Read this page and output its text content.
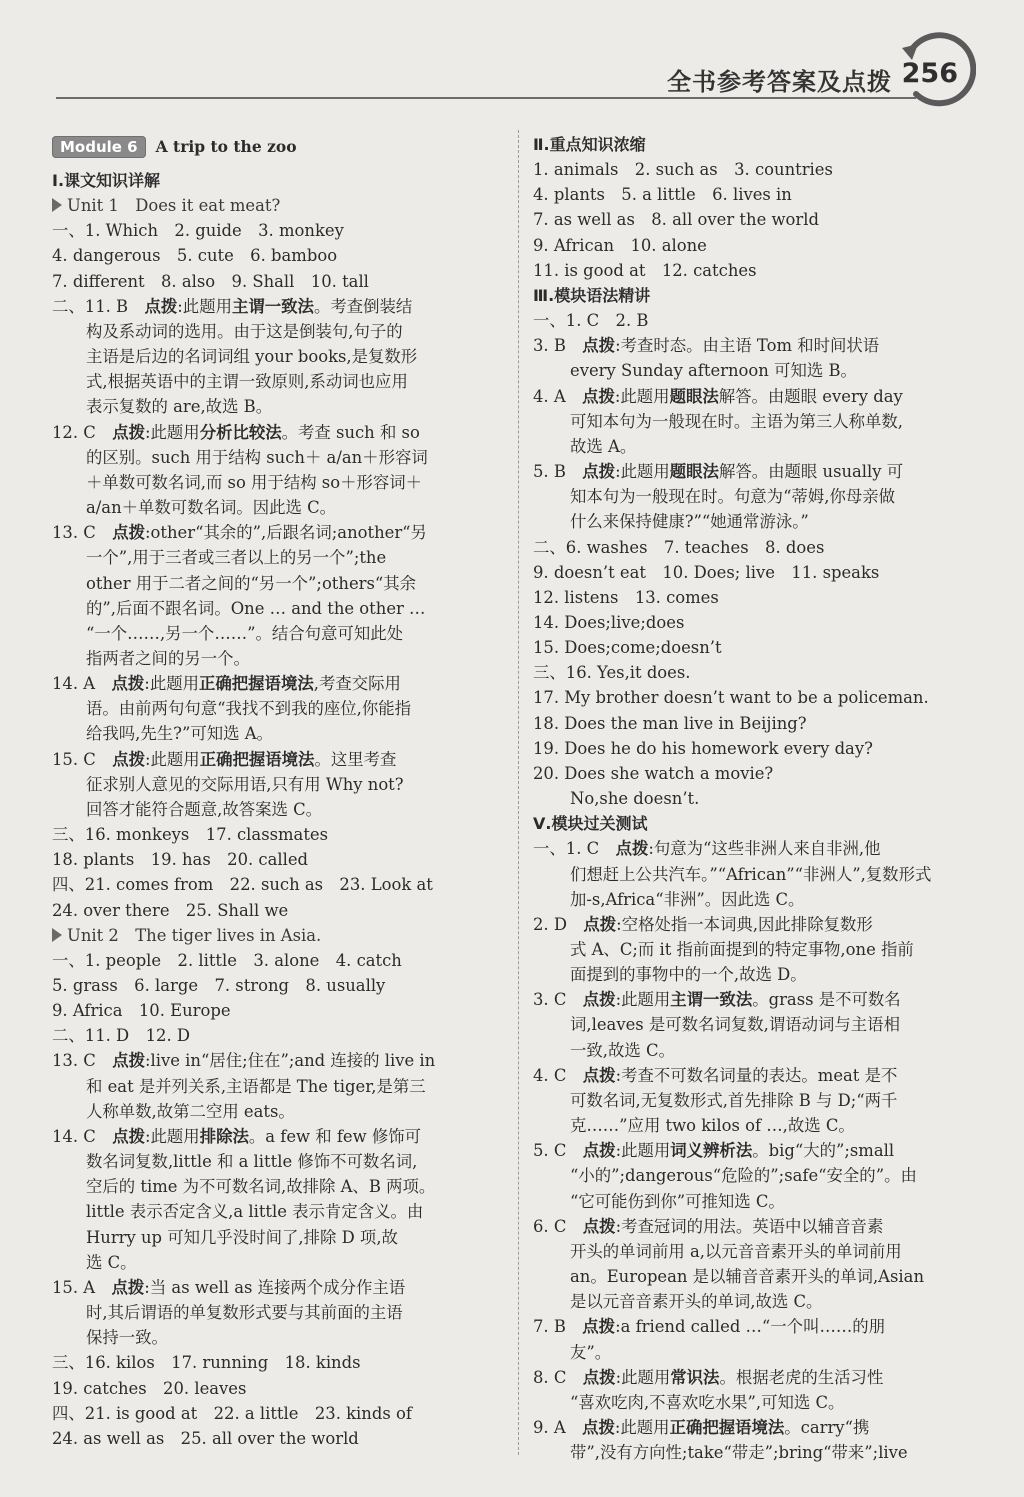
全书参考答案及点拨 256
Module 6 A trip to the zoo
Ⅰ.课文知识详解
Unit 1　Does it eat meat?
一、1. Which　2. guide　3. monkey
4. dangerous　5. cute　6. bamboo
7. different　8. also　9. Shall　10. tall
二、11. B　点拨:此题用主谓一致法。考查倒装结
构及系动词的选用。由于这是倒装句,句子的
主语是后边的名词词组 your books,是复数形
式,根据英语中的主谓一致原则,系动词也应用
表示复数的 are,故选 B。
12. C　点拨:此题用分析比较法。考查 such 和 so
的区别。such 用于结构 such＋ a/an＋形容词
＋单数可数名词,而 so 用于结构 so＋形容词＋
a/an＋单数可数名词。因此选 C。
13. C　点拨:other“其余的”,后跟名词;another“另
一个”,用于三者或三者以上的另一个”;the
other 用于二者之间的“另一个”;others“其余
的”,后面不跟名词。One … and the other …
“一个……,另一个……”。结合句意可知此处
指两者之间的另一个。
14. A　点拨:此题用正确把握语境法,考查交际用
语。由前两句句意“我找不到我的座位,你能指
给我吗,先生?”可知选 A。
15. C　点拨:此题用正确把握语境法。这里考查
征求别人意见的交际用语,只有用 Why not?
回答才能符合题意,故答案选 C。
三、16. monkeys　17. classmates
18. plants　19. has　20. called
四、21. comes from　22. such as　23. Look at
24. over there　25. Shall we
Unit 2　The tiger lives in Asia.
一、1. people　2. little　3. alone　4. catch
5. grass　6. large　7. strong　8. usually
9. Africa　10. Europe
二、11. D　12. D
13. C　点拨:live in“居住;住在”;and 连接的 live in
和 eat 是并列关系,主语都是 The tiger,是第三
人称单数,故第二空用 eats。
14. C　点拨:此题用排除法。a few 和 few 修饰可
数名词复数,little 和 a little 修饰不可数名词,
空后的 time 为不可数名词,故排除 A、B 两项。
little 表示否定含义,a little 表示肯定含义。由
Hurry up 可知几乎没时间了,排除 D 项,故
选 C。
15. A　点拨:当 as well as 连接两个成分作主语
时,其后谓语的单复数形式要与其前面的主语
保持一致。
三、16. kilos　17. running　18. kinds
19. catches　20. leaves
四、21. is good at　22. a little　23. kinds of
24. as well as　25. all over the world
Ⅱ.重点知识浓缩
1. animals　2. such as　3. countries
4. plants　5. a little　6. lives in
7. as well as　8. all over the world
9. African　10. alone
11. is good at　12. catches
Ⅲ.模块语法精讲
一、1. C　2. B
3. B　点拨:考查时态。由主语 Tom 和时间状语
every Sunday afternoon 可知选 B。
4. A　点拨:此题用题眼法解答。由题眼 every day
可知本句为一般现在时。主语为第三人称单数,
故选 A。
5. B　点拨:此题用题眼法解答。由题眼 usually 可
知本句为一般现在时。句意为“蒂姆,你母亲做
什么来保持健康?”“她通常游泳。”
二、6. washes　7. teaches　8. does
9. doesn’t eat　10. Does; live　11. speaks
12. listens　13. comes
14. Does;live;does
15. Does;come;doesn’t
三、16. Yes,it does.
17. My brother doesn’t want to be a policeman.
18. Does the man live in Beijing?
19. Does he do his homework every day?
20. Does she watch a movie?
No,she doesn’t.
Ⅴ.模块过关测试
一、1. C　点拨:句意为“这些非洲人来自非洲,他
们想赶上公共汽车。”“African”“非洲人”,复数形式
加-s,Africa“非洲”。因此选 C。
2. D　点拨:空格处指一本词典,因此排除复数形
式 A、C;而 it 指前面提到的特定事物,one 指前
面提到的事物中的一个,故选 D。
3. C　点拨:此题用主谓一致法。grass 是不可数名
词,leaves 是可数名词复数,谓语动词与主语相
一致,故选 C。
4. C　点拨:考查不可数名词量的表达。meat 是不
可数名词,无复数形式,首先排除 B 与 D;“两千
克……”应用 two kilos of …,故选 C。
5. C　点拨:此题用词义辨析法。big“大的”;small
“小的”;dangerous“危险的”;safe“安全的”。由
“它可能伤到你”可推知选 C。
6. C　点拨:考查冠词的用法。英语中以辅音音素
开头的单词前用 a,以元音音素开头的单词前用
an。European 是以辅音音素开头的单词,Asian
是以元音音素开头的单词,故选 C。
7. B　点拨:a friend called …“一个叫……的朋
友”。
8. C　点拨:此题用常识法。根据老虎的生活习性
“喜欢吃肉,不喜欢吃水果”,可知选 C。
9. A　点拨:此题用正确把握语境法。carry“携
带”,没有方向性;take“带走”;bring“带来”;live
